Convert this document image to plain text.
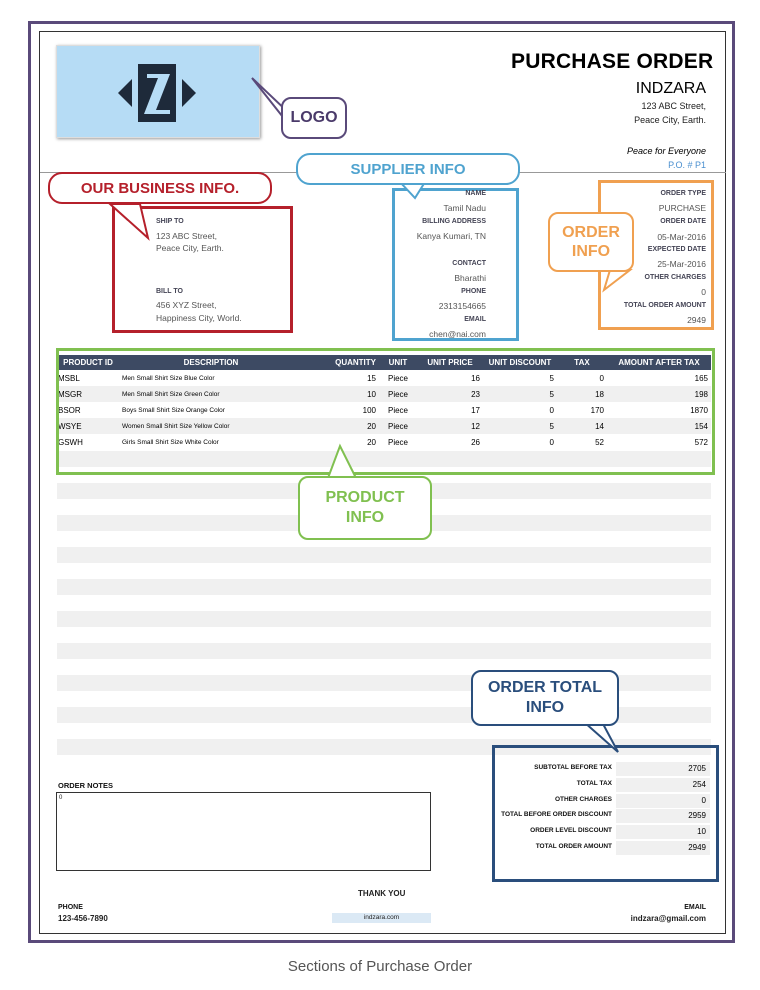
PURCHASE ORDER
INDZARA
123 ABC Street,
Peace City, Earth.
Peace for Everyone
P.O. # P1
SHIP TO
123 ABC Street,
Peace City, Earth.
BILL TO
456 XYZ Street,
Happiness City, World.
NAME
Tamil Nadu
BILLING ADDRESS
Kanya Kumari, TN
CONTACT
Bharathi
PHONE
2313154665
EMAIL
chen@nai.com
ORDER TYPE
PURCHASE
ORDER DATE
05-Mar-2016
EXPECTED DATE
25-Mar-2016
OTHER CHARGES
0
TOTAL ORDER AMOUNT
2949
PRODUCT ID	DESCRIPTION	QUANTITY	UNIT	UNIT PRICE	UNIT DISCOUNT	TAX	AMOUNT AFTER TAX
MSBL	Men Small Shirt Size Blue Color	15	Piece	16	5	0	165
MSGR	Men Small Shirt Size Green Color	10	Piece	23	5	18	198
BSOR	Boys Small Shirt Size Orange Color	100	Piece	17	0	170	1870
WSYE	Women Small Shirt Size Yellow Color	20	Piece	12	5	14	154
GSWH	Girls Small Shirt Size White Color	20	Piece	26	0	52	572
SUBTOTAL BEFORE TAX	2705
TOTAL TAX	254
OTHER CHARGES	0
TOTAL BEFORE ORDER DISCOUNT	2959
ORDER LEVEL DISCOUNT	10
TOTAL ORDER AMOUNT	2949
ORDER NOTES
0
PHONE
123-456-7890
THANK YOU
indzara.com
EMAIL
indzara@gmail.com
LOGO
SUPPLIER INFO
OUR BUSINESS INFO.
ORDER
INFO
PRODUCT
INFO
ORDER TOTAL
INFO
Sections of Purchase Order
